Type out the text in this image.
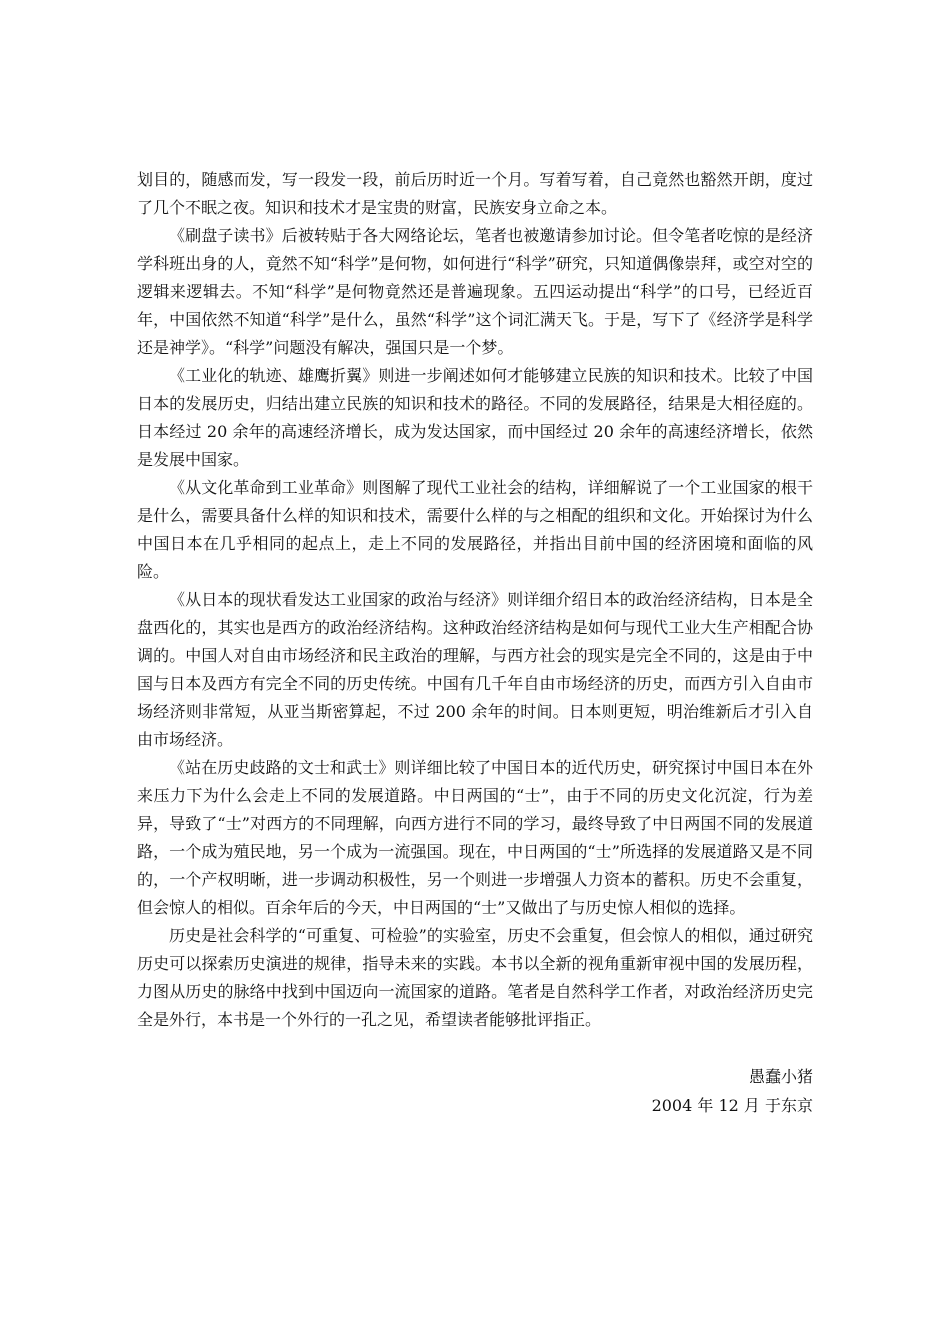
划目的，随感而发，写一段发一段，前后历时近一个月。写着写着，自己竟然也豁然开朗，度过了几个不眠之夜。知识和技术才是宝贵的财富，民族安身立命之本。

《刷盘子读书》后被转贴于各大网络论坛，笔者也被邀请参加讨论。但令笔者吃惊的是经济学科班出身的人，竟然不知“科学”是何物，如何进行“科学”研究，只知道偶像崇拜，或空对空的逻辑来逻辑去。不知“科学”是何物竟然还是普遍现象。五四运动提出“科学”的口号，已经近百年，中国依然不知道“科学”是什么，虽然“科学”这个词汇满天飞。于是，写下了《经济学是科学还是神学》。“科学”问题没有解决，强国只是一个梦。

《工业化的轨迹、雄鹰折翼》则进一步阐述如何才能够建立民族的知识和技术。比较了中国日本的发展历史，归结出建立民族的知识和技术的路径。不同的发展路径，结果是大相径庭的。日本经过 20 余年的高速经济增长，成为发达国家，而中国经过 20 余年的高速经济增长，依然是发展中国家。

《从文化革命到工业革命》则图解了现代工业社会的结构，详细解说了一个工业国家的根干是什么，需要具备什么样的知识和技术，需要什么样的与之相配的组织和文化。开始探讨为什么中国日本在几乎相同的起点上，走上不同的发展路径，并指出目前中国的经济困境和面临的风险。

《从日本的现状看发达工业国家的政治与经济》则详细介绍日本的政治经济结构，日本是全盘西化的，其实也是西方的政治经济结构。这种政治经济结构是如何与现代工业大生产相配合协调的。中国人对自由市场经济和民主政治的理解，与西方社会的现实是完全不同的，这是由于中国与日本及西方有完全不同的历史传统。中国有几千年自由市场经济的历史，而西方引入自由市场经济则非常短，从亚当斯密算起，不过 200 余年的时间。日本则更短，明治维新后才引入自由市场经济。

《站在历史歧路的文士和武士》则详细比较了中国日本的近代历史，研究探讨中国日本在外来压力下为什么会走上不同的发展道路。中日两国的“士”，由于不同的历史文化沉淀，行为差异，导致了“士”对西方的不同理解，向西方进行不同的学习，最终导致了中日两国不同的发展道路，一个成为殖民地，另一个成为一流强国。现在，中日两国的“士”所选择的发展道路又是不同的，一个产权明晰，进一步调动积极性，另一个则进一步增强人力资本的蓄积。历史不会重复，但会惊人的相似。百余年后的今天，中日两国的“士”又做出了与历史惊人相似的选择。

历史是社会科学的“可重复、可检验”的实验室，历史不会重复，但会惊人的相似，通过研究历史可以探索历史演进的规律，指导未来的实践。本书以全新的视角重新审视中国的发展历程，力图从历史的脉络中找到中国迈向一流国家的道路。笔者是自然科学工作者，对政治经济历史完全是外行，本书是一个外行的一孔之见，希望读者能够批评指正。

愚蠢小猪
2004 年 12 月 于东京
